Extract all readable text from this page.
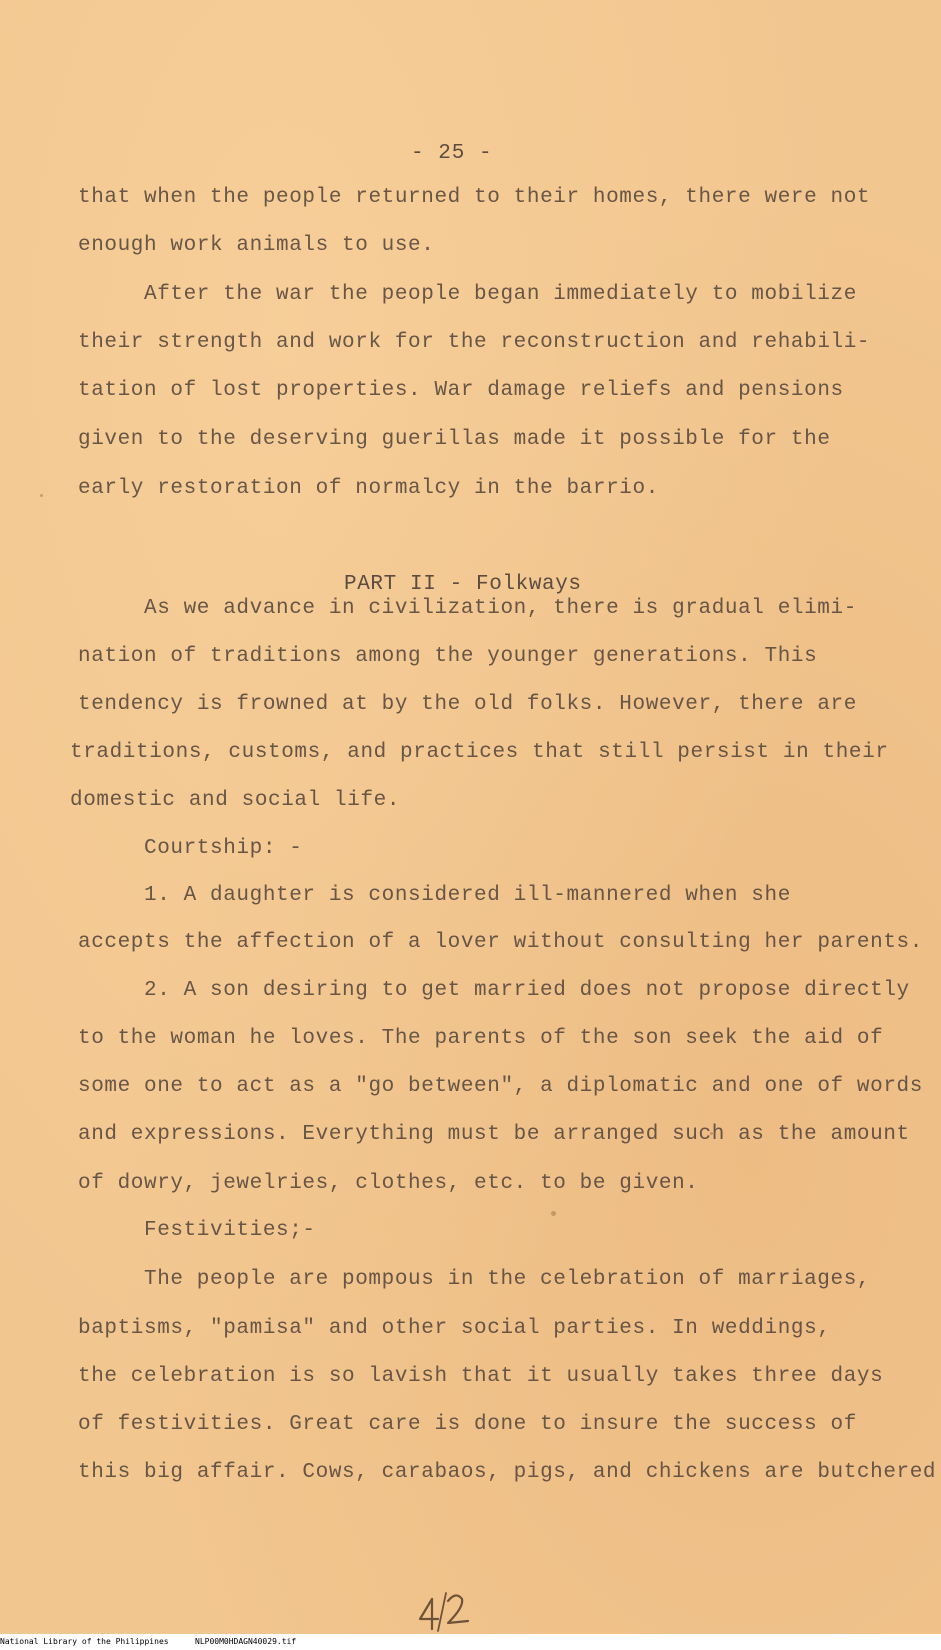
- 25 -
that when the people returned to their homes, there were not
enough work animals to use.
After the war the people began immediately to mobilize
their strength and work for the reconstruction and rehabili-
tation of lost properties. War damage reliefs and pensions
given to the deserving guerillas made it possible for the
early restoration of normalcy in the barrio.
PART II - Folkways
As we advance in civilization, there is gradual elimi-
nation of traditions among the younger generations. This
tendency is frowned at by the old folks. However, there are
traditions, customs, and practices that still persist in their
domestic and social life.
Courtship: -
1. A daughter is considered ill-mannered when she
accepts the affection of a lover without consulting her parents.
2. A son desiring to get married does not propose directly
to the woman he loves. The parents of the son seek the aid of
some one to act as a "go between", a diplomatic and one of words
and expressions. Everything must be arranged such as the amount
of dowry, jewelries, clothes, etc. to be given.
Festivities;-
The people are pompous in the celebration of marriages,
baptisms, "pamisa" and other social parties. In weddings,
the celebration is so lavish that it usually takes three days
of festivities. Great care is done to insure the success of
this big affair. Cows, carabaos, pigs, and chickens are butchered
National Library of the Philippines	NLP00M0HDAGN40029.tif
